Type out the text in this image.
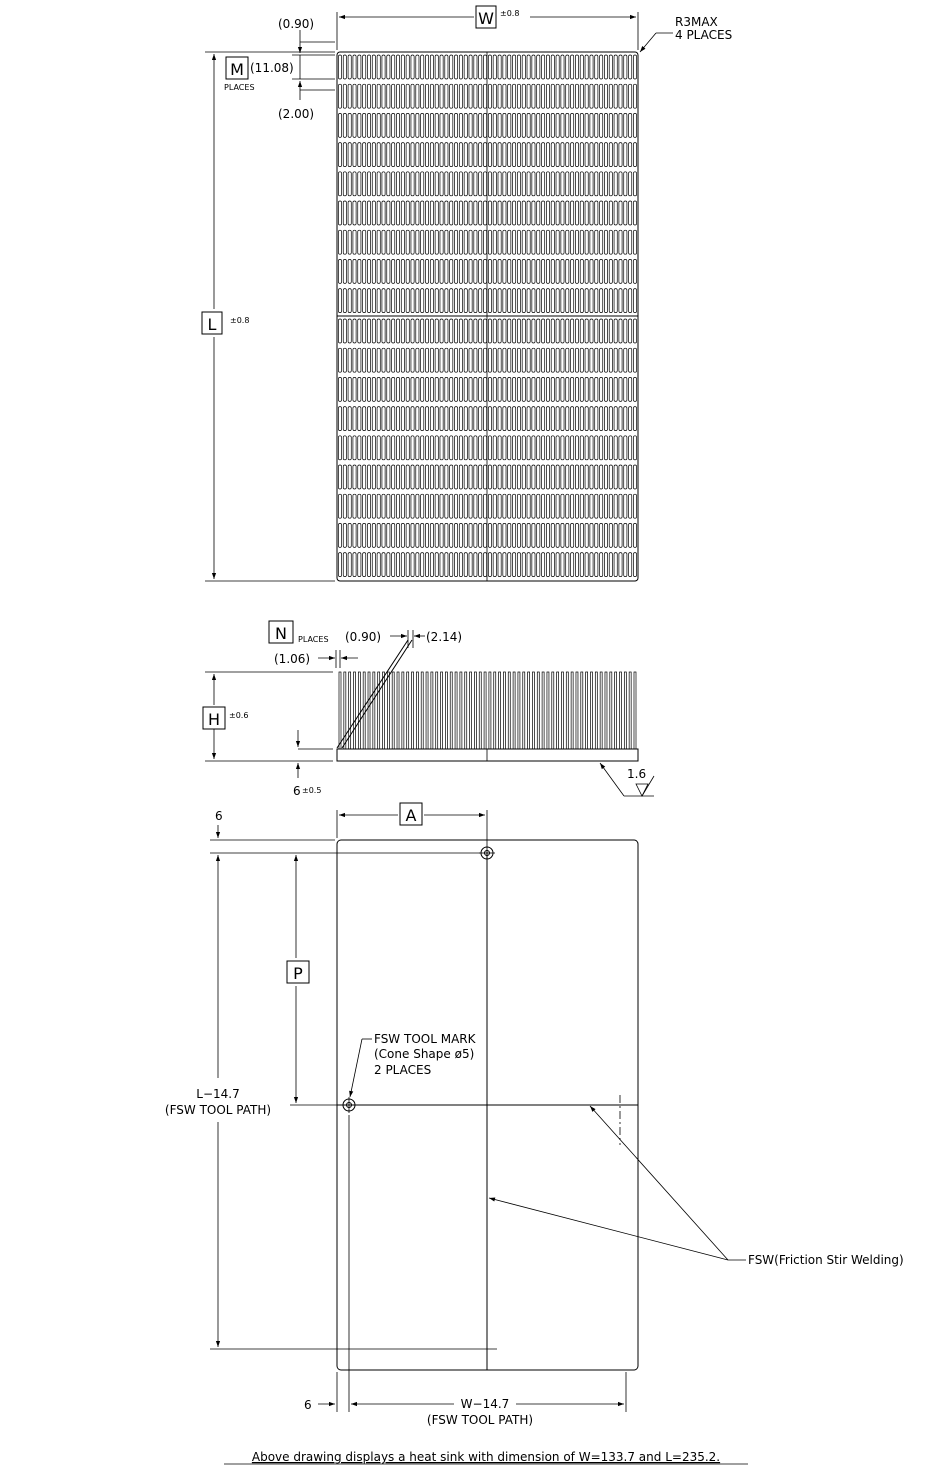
W ±0.8
R3MAX
4 PLACES
L ±0.8
(0.90)
M (11.08)
PLACES
(2.00)
N PLACES (0.90)	(2.14)
(1.06)
H ±0.6
6 ±0.5
1.6
A
6
P
L−14.7
(FSW TOOL PATH)
FSW TOOL MARK
(Cone Shape ø5)
2 PLACES
FSW(Friction Stir Welding)
6	W−14.7
(FSW TOOL PATH)
Above drawing displays a heat sink with dimension of W=133.7 and L=235.2.
